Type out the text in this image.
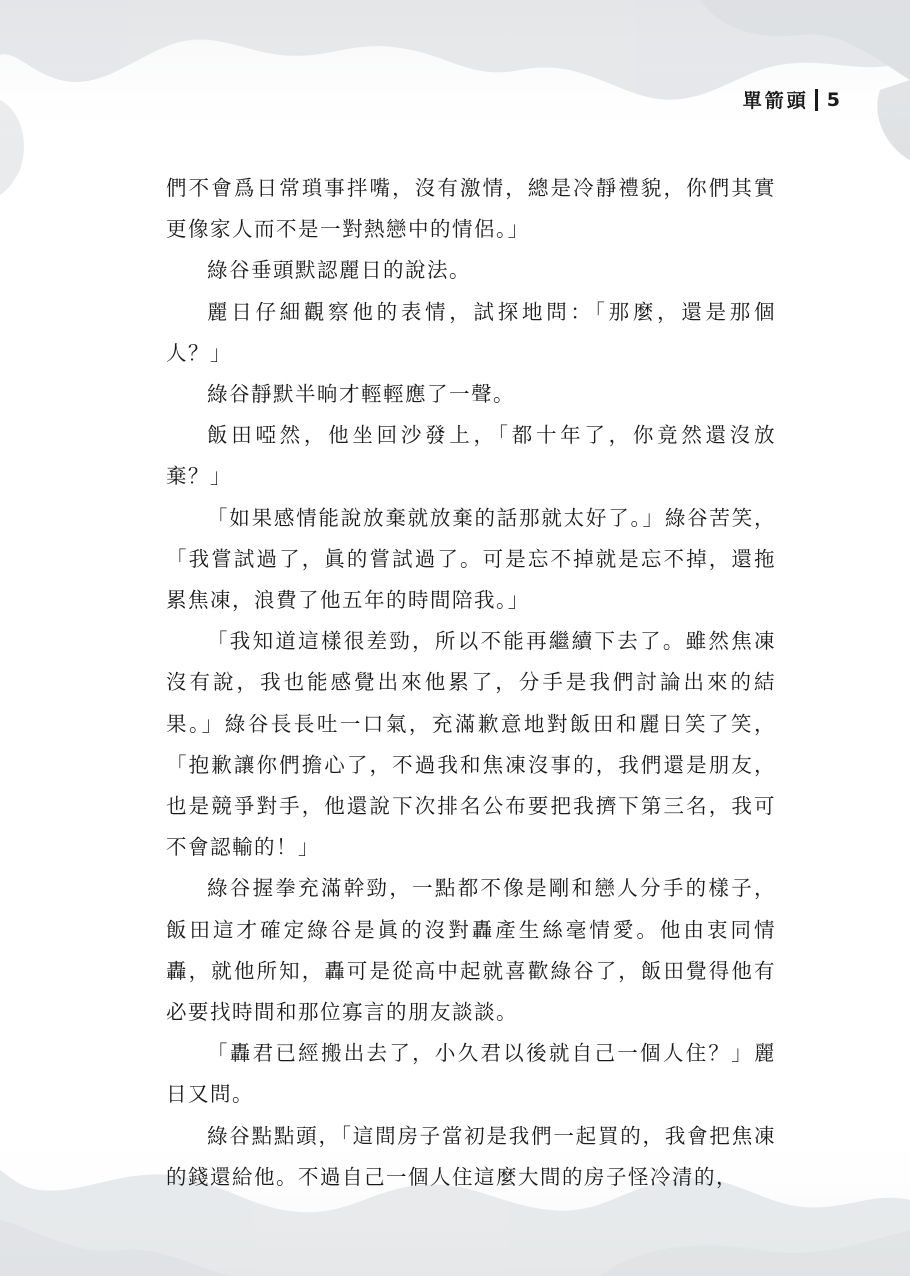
單箭頭 5

們不會爲日常瑣事拌嘴，沒有激情，總是冷靜禮貌，你們其實更像家人而不是一對熱戀中的情侶。」

綠谷垂頭默認麗日的說法。

麗日仔細觀察他的表情，試探地問：「那麼，還是那個人？」

綠谷靜默半晌才輕輕應了一聲。

飯田啞然，他坐回沙發上，「都十年了，你竟然還沒放棄？」

「如果感情能說放棄就放棄的話那就太好了。」綠谷苦笑，「我嘗試過了，眞的嘗試過了。可是忘不掉就是忘不掉，還拖累焦凍，浪費了他五年的時間陪我。」

「我知道這樣很差勁，所以不能再繼續下去了。雖然焦凍沒有說，我也能感覺出來他累了，分手是我們討論出來的結果。」綠谷長長吐一口氣，充滿歉意地對飯田和麗日笑了笑，「抱歉讓你們擔心了，不過我和焦凍沒事的，我們還是朋友，也是競爭對手，他還說下次排名公布要把我擠下第三名，我可不會認輸的！」

綠谷握拳充滿幹勁，一點都不像是剛和戀人分手的樣子，飯田這才確定綠谷是眞的沒對轟產生絲毫情愛。他由衷同情轟，就他所知，轟可是從高中起就喜歡綠谷了，飯田覺得他有必要找時間和那位寡言的朋友談談。

「轟君已經搬出去了，小久君以後就自己一個人住？」麗日又問。

綠谷點點頭，「這間房子當初是我們一起買的，我會把焦凍的錢還給他。不過自己一個人住這麼大間的房子怪冷清的，
